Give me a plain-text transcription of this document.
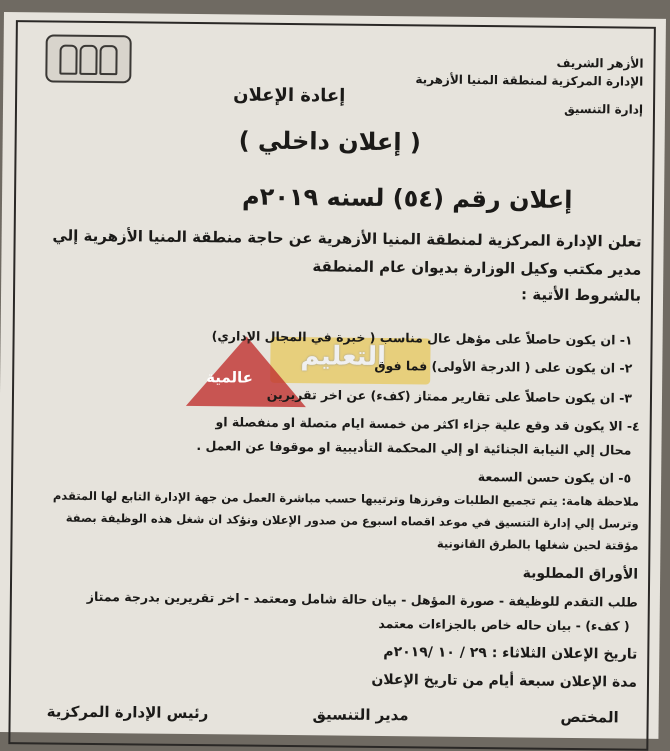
الأزهر الشريف
الإدارة المركزية لمنطقة المنيا الأزهرية
إدارة التنسيق
إعادة الإعلان
( إعلان داخلي )
إعلان رقم (٥٤) لسنه ٢٠١٩م
تعلن الإدارة المركزية لمنطقة المنيا الأزهرية عن حاجة منطقة المنيا الأزهرية إلي
مدير مكتب وكيل الوزارة بديوان عام المنطقة
بالشروط الأتية :
التعليم
عالمية
١- ان يكون حاصلاً على مؤهل عال مناسب ( خبرة في المجال الإداري)
٢- ان يكون على ( الدرجة الأولى) فما فوق
٣- ان يكون حاصلاً على تقارير ممتاز (كفء) عن اخر تقريرين
٤- الا يكون قد وقع علية جزاء اكثر من خمسة ايام متصلة او منفصلة او
محال إلي النيابة الجنائية او إلي المحكمة التأديبية او موقوفا عن العمل .
٥- ان يكون حسن السمعة
ملاحظة هامة: يتم تجميع الطلبات وفرزها وترتيبها حسب مباشرة العمل من جهة الإدارة التابع لها المتقدم
وترسل إلي إدارة التنسيق في موعد اقصاه اسبوع من صدور الإعلان ونؤكد ان شغل هذه الوظيفة بصفة
مؤقتة لحين شغلها بالطرق القانونية
الأوراق المطلوبة
طلب التقدم للوظيفة - صورة المؤهل - بيان حالة شامل ومعتمد - اخر تقريرين بدرجة ممتاز
( كفء) - بيان حاله خاص بالجزاءات معتمد
تاريخ الإعلان الثلاثاء : ٢٩ / ١٠ /٢٠١٩م
مدة الإعلان سبعة أيام من تاريخ الإعلان
المختص
مدير التنسيق
رئيس الإدارة المركزية
